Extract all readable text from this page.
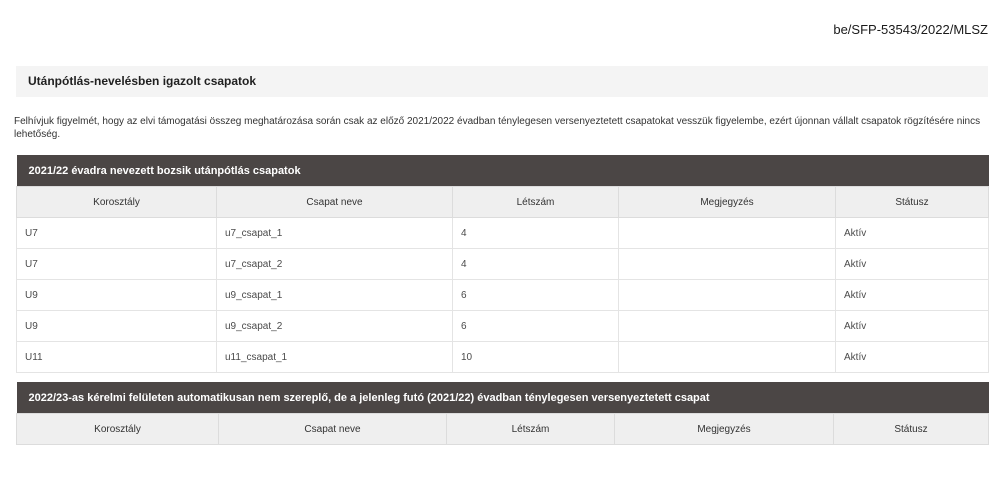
be/SFP-53543/2022/MLSZ
Utánpótlás-nevelésben igazolt csapatok
Felhívjuk figyelmét, hogy az elvi támogatási összeg meghatározása során csak az előző 2021/2022 évadban ténylegesen versenyeztetett csapatokat vesszük figyelembe, ezért újonnan vállalt csapatok rögzítésére nincs lehetőség.
2021/22 évadra nevezett bozsik utánpótlás csapatok				
Korosztály	Csapat neve	Létszám	Megjegyzés	Státusz
U7	u7_csapat_1	4		Aktív
U7	u7_csapat_2	4		Aktív
U9	u9_csapat_1	6		Aktív
U9	u9_csapat_2	6		Aktív
U11	u11_csapat_1	10		Aktív
2022/23-as kérelmi felületen automatikusan nem szereplő, de a jelenleg futó (2021/22) évadban ténylegesen versenyeztetett csapat
Korosztály	Csapat neve	Létszám	Megjegyzés	Státusz
